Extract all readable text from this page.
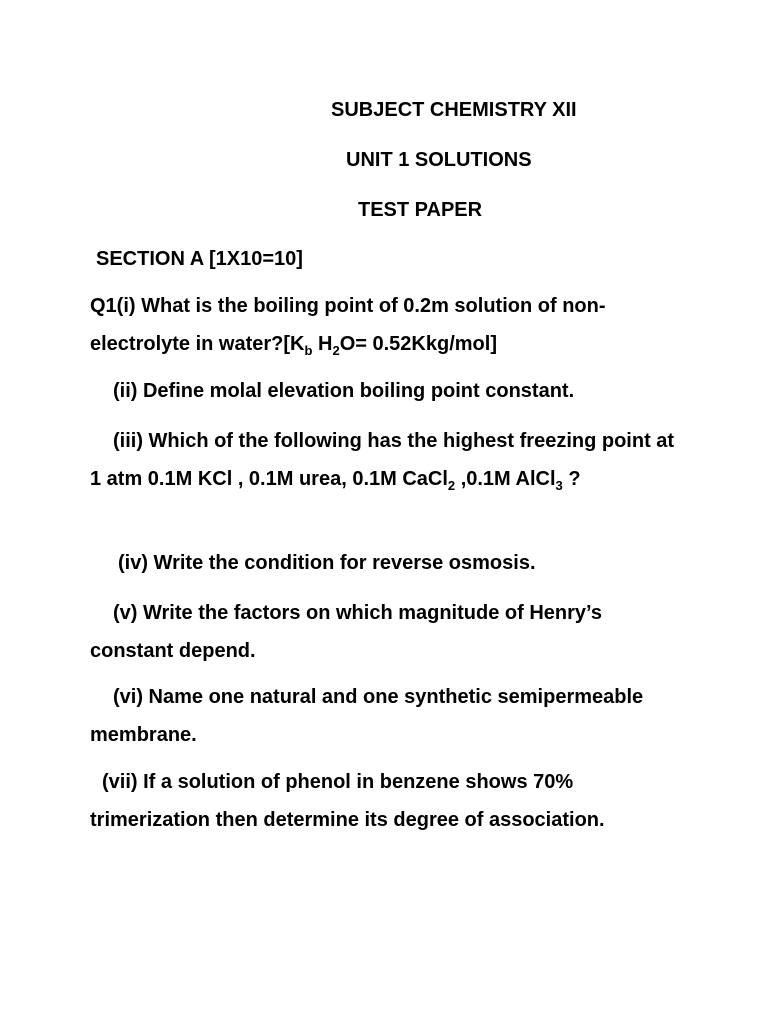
SUBJECT CHEMISTRY XII
UNIT 1 SOLUTIONS
TEST PAPER
SECTION A [1X10=10]
Q1(i) What is the boiling point of 0.2m solution of non-electrolyte in $water?[K_b$ $H_2O= 0.52Kkg/mol$]
(ii) Define molal elevation boiling point constant.
(iii) Which of the following has the highest freezing point at 1 atm 0.1M KCl , 0.1M urea, 0.1M CaCl$_2$ ,0.1M AlCl$_3$ ?
(iv) Write the condition for reverse osmosis.
(v) Write the factors on which magnitude of Henry’s constant depend.
(vi) Name one natural and one synthetic semipermeable membrane.
(vii) If a solution of phenol in benzene shows 70% trimerization then determine its degree of association.
